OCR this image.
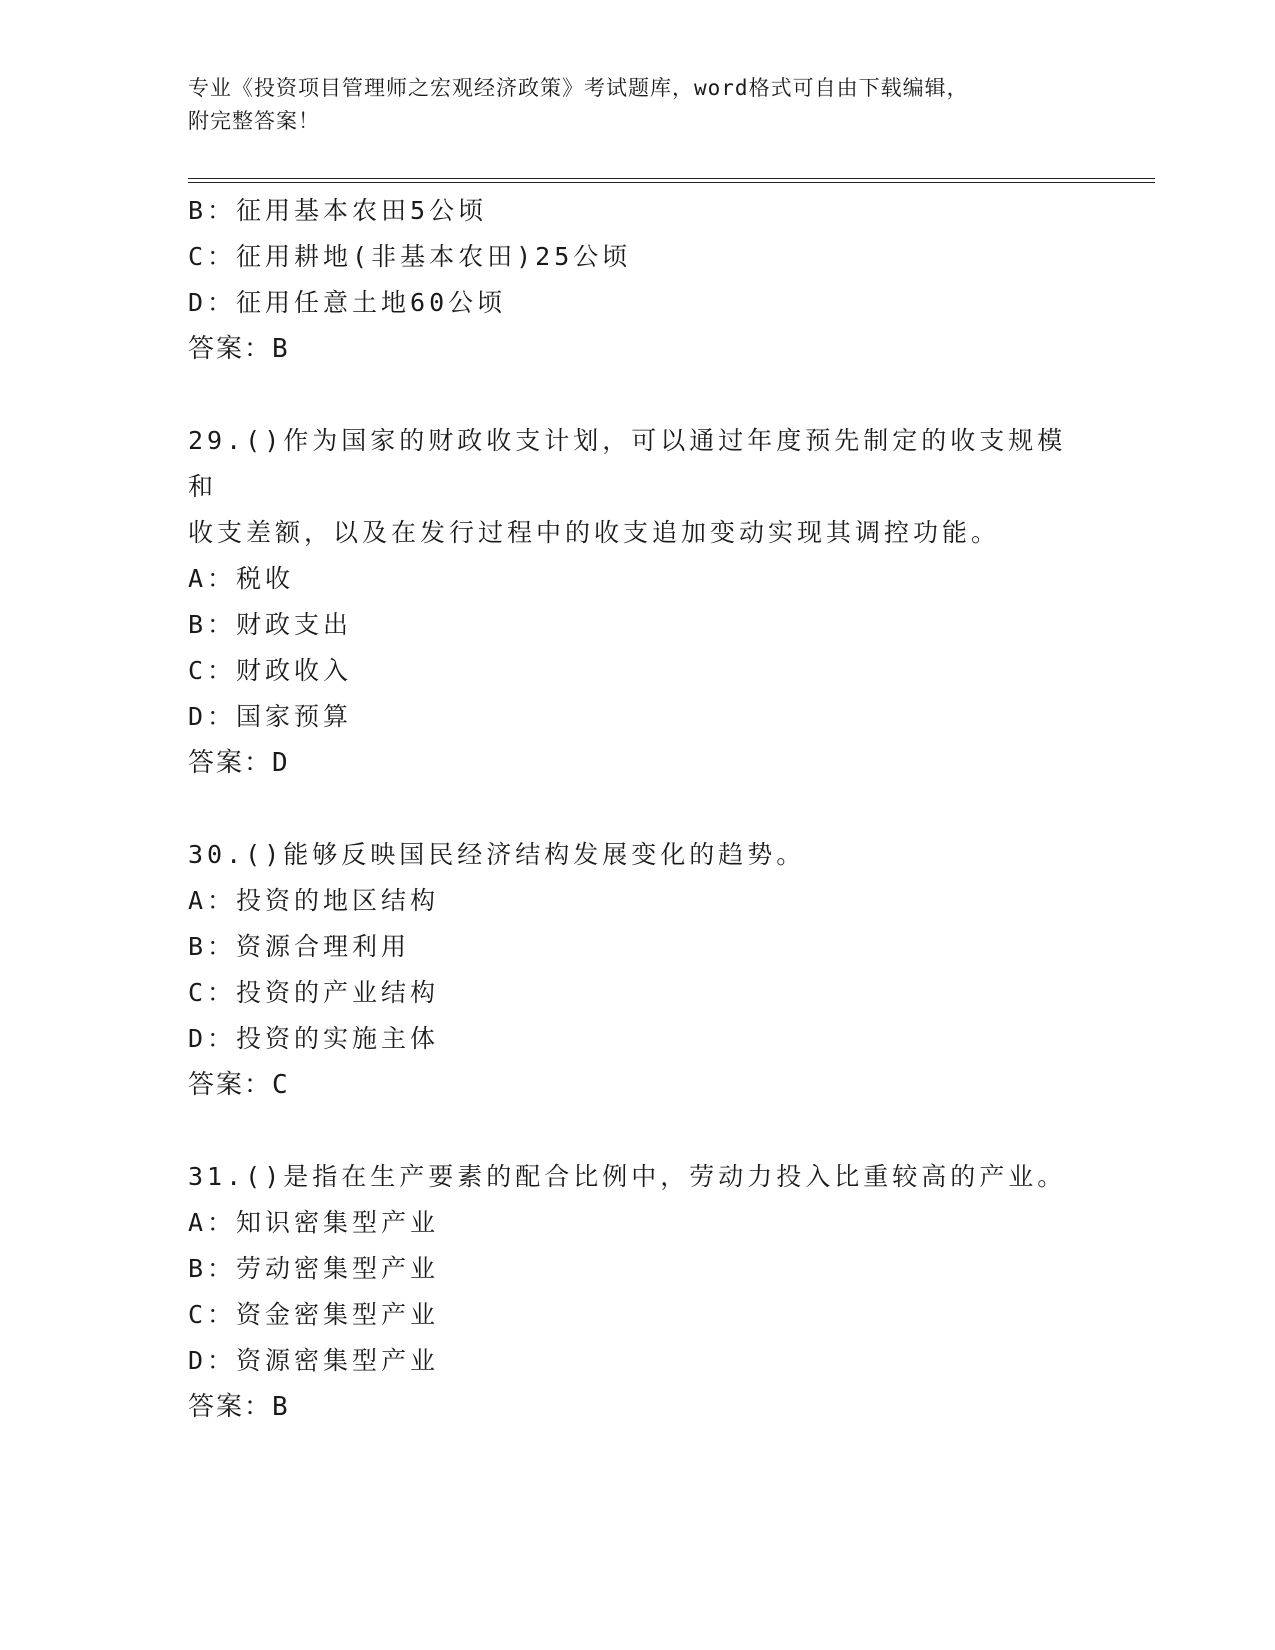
专业《投资项目管理师之宏观经济政策》考试题库，word格式可自由下载编辑，
附完整答案！
B：征用基本农田5公顷
C：征用耕地(非基本农田)25公顷
D：征用任意土地60公顷
答案：B
29.()作为国家的财政收支计划，可以通过年度预先制定的收支规模和
收支差额，以及在发行过程中的收支追加变动实现其调控功能。
A：税收
B：财政支出
C：财政收入
D：国家预算
答案：D
30.()能够反映国民经济结构发展变化的趋势。
A：投资的地区结构
B：资源合理利用
C：投资的产业结构
D：投资的实施主体
答案：C
31.()是指在生产要素的配合比例中，劳动力投入比重较高的产业。
A：知识密集型产业
B：劳动密集型产业
C：资金密集型产业
D：资源密集型产业
答案：B
